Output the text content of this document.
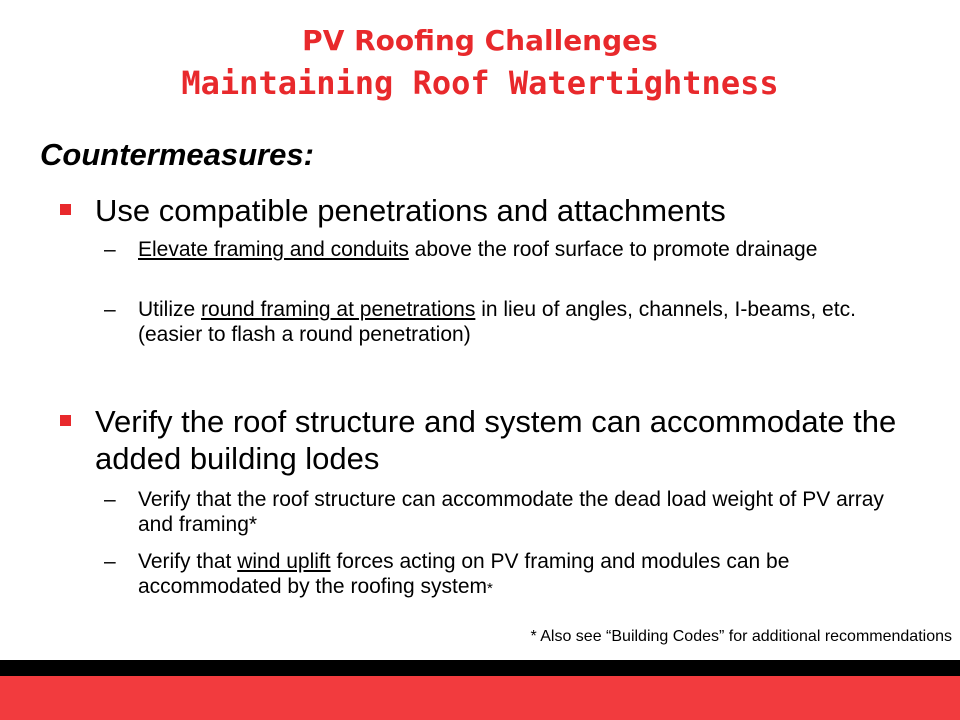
PV Roofing Challenges
Maintaining Roof Watertightness
Countermeasures:
Use compatible penetrations and attachments
–	Elevate framing and conduits above the roof surface to promote drainage
–	Utilize round framing at penetrations in lieu of angles, channels, I-beams, etc. (easier to flash a round penetration)
Verify the roof structure and system can accommodate the added building lodes
–	Verify that the roof structure can accommodate the dead load weight of PV array and framing*
–	Verify that wind uplift forces acting on PV framing and modules can be accommodated by the roofing system*
* Also see “Building Codes” for additional recommendations
